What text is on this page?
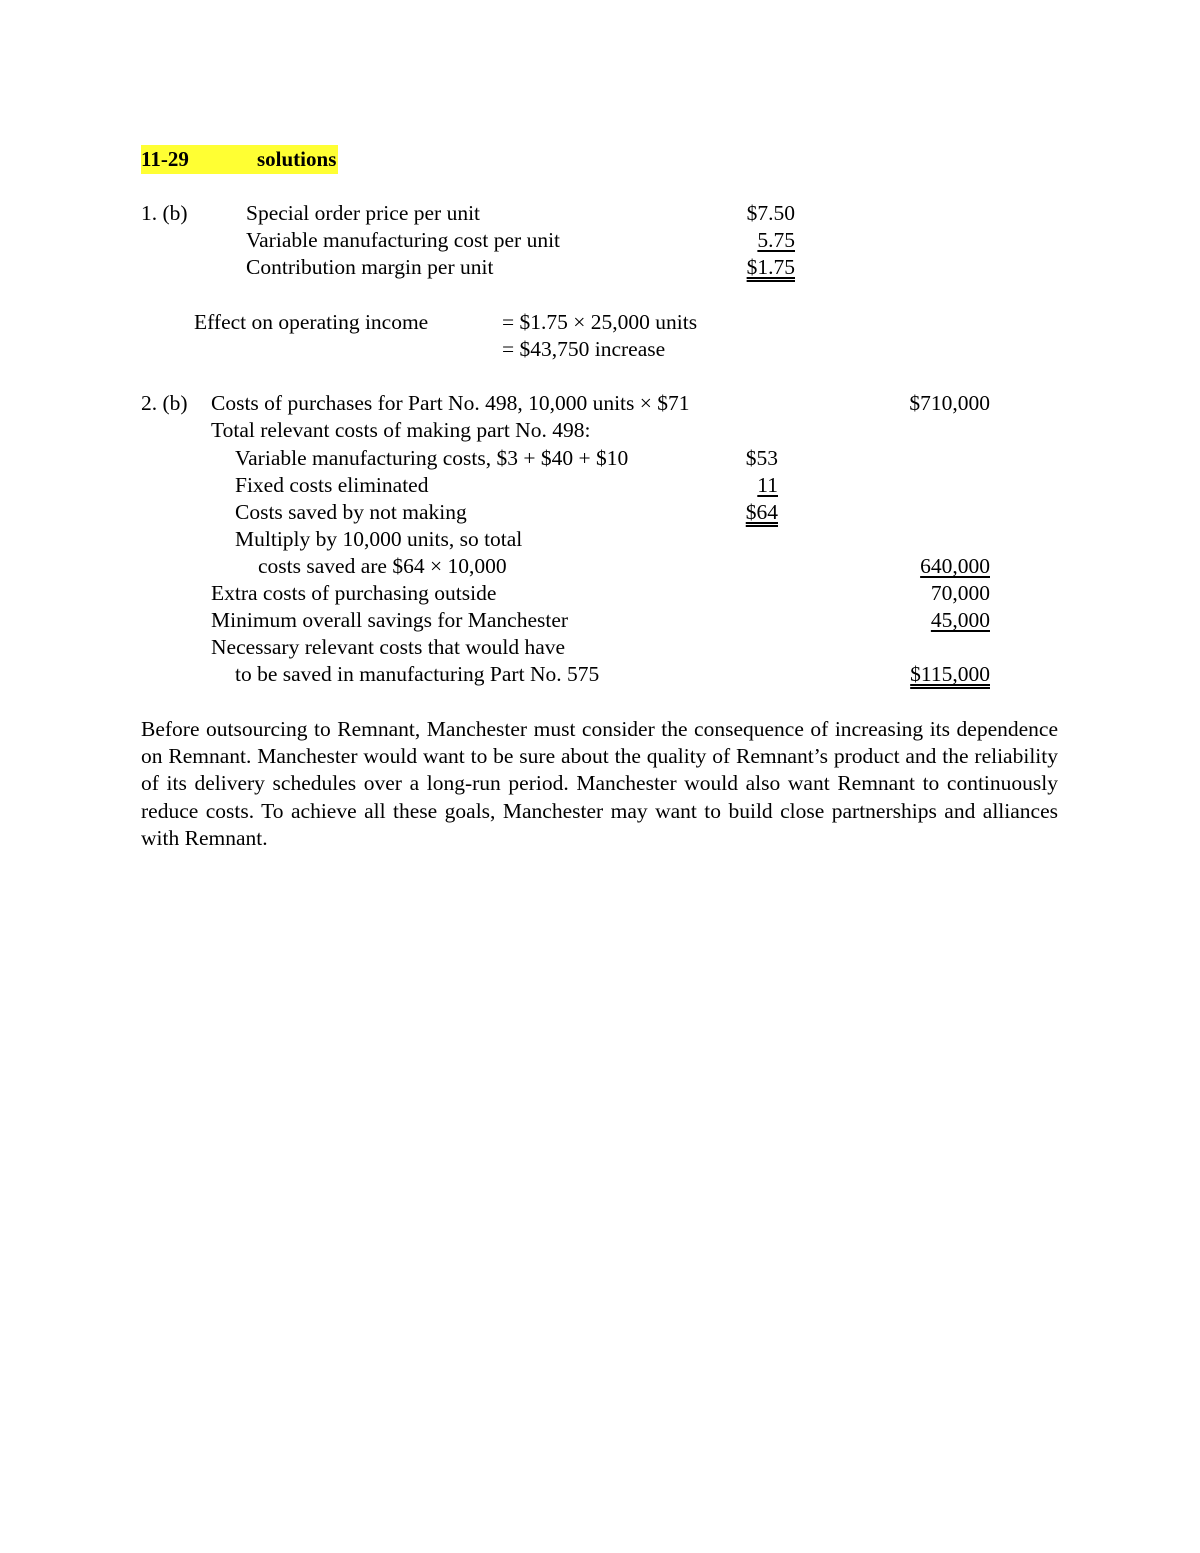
11-29	solutions
1. (b)	Special order price per unit	$7.50
Variable manufacturing cost per unit	5.75
Contribution margin per unit	$1.75
Effect on operating income	= $1.75 × 25,000 units
= $43,750 increase
2. (b) Costs of purchases for Part No. 498, 10,000 units × $71	$710,000
Total relevant costs of making part No. 498:
Variable manufacturing costs, $3 + $40 + $10	$53
Fixed costs eliminated	11
Costs saved by not making	$64
Multiply by 10,000 units, so total
costs saved are $64 × 10,000	640,000
Extra costs of purchasing outside	70,000
Minimum overall savings for Manchester	45,000
Necessary relevant costs that would have
to be saved in manufacturing Part No. 575	$115,000
Before outsourcing to Remnant, Manchester must consider the consequence of increasing its dependence on Remnant. Manchester would want to be sure about the quality of Remnant’s product and the reliability of its delivery schedules over a long-run period. Manchester would also want Remnant to continuously reduce costs. To achieve all these goals, Manchester may want to build close partnerships and alliances with Remnant.
